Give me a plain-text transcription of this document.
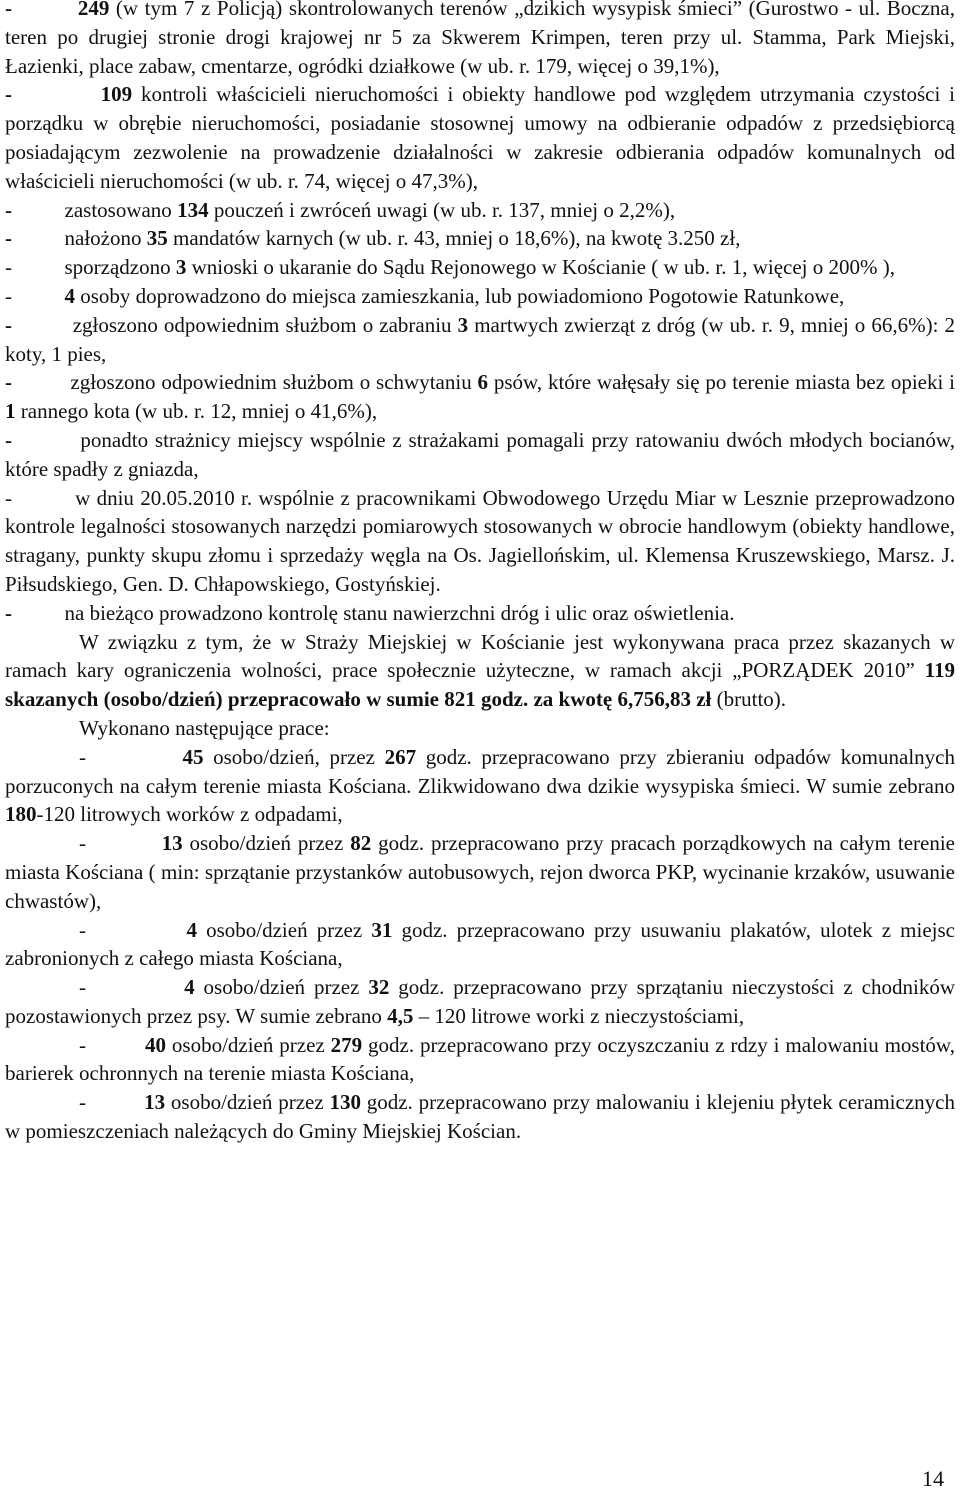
-          249 (w tym 7 z Policją) skontrolowanych terenów „dzikich wysypisk śmieci” (Gurostwo - ul. Boczna, teren po drugiej stronie drogi krajowej nr 5 za Skwerem Krimpen, teren przy ul. Stamma, Park Miejski, Łazienki, place zabaw, cmentarze, ogródki działkowe (w ub. r. 179, więcej o 39,1%),

-          109 kontroli właścicieli nieruchomości i obiekty handlowe pod względem utrzymania czystości i porządku w obrębie nieruchomości, posiadanie stosownej umowy na odbieranie odpadów z przedsiębiorcą posiadającym zezwolenie na prowadzenie działalności w zakresie odbierania odpadów komunalnych od właścicieli nieruchomości (w ub. r. 74, więcej o 47,3%),

-          zastosowano 134 pouczeń i zwróceń uwagi (w ub. r. 137, mniej o 2,2%),

-          nałożono 35 mandatów karnych (w ub. r. 43, mniej o 18,6%), na kwotę 3.250 zł,

-          sporządzono 3 wnioski o ukaranie do Sądu Rejonowego w Kościanie ( w ub. r. 1, więcej o 200% ),

-          4 osoby doprowadzono do miejsca zamieszkania, lub powiadomiono Pogotowie Ratunkowe,

-          zgłoszono odpowiednim służbom o zabraniu 3 martwych zwierząt z dróg (w ub. r. 9, mniej o 66,6%): 2 koty, 1 pies,

-          zgłoszono odpowiednim służbom o schwytaniu 6 psów, które wałęsały się po terenie miasta bez opieki i 1 rannego kota (w ub. r. 12, mniej o 41,6%),

-          ponadto strażnicy miejscy wspólnie z strażakami pomagali przy ratowaniu dwóch młodych bocianów, które spadły z gniazda,

-          w dniu 20.05.2010 r. wspólnie z pracownikami Obwodowego Urzędu Miar w Lesznie przeprowadzono kontrole legalności stosowanych narzędzi pomiarowych stosowanych w obrocie handlowym (obiekty handlowe, stragany, punkty skupu złomu i sprzedaży węgla na Os. Jagiellońskim, ul. Klemensa Kruszewskiego, Marsz. J. Piłsudskiego, Gen. D. Chłapowskiego, Gostyńskiej.

-          na bieżąco prowadzono kontrolę stanu nawierzchni dróg i ulic oraz oświetlenia.

W związku z tym, że w Straży Miejskiej w Kościanie jest wykonywana praca przez skazanych w ramach kary ograniczenia wolności, prace społecznie użyteczne, w ramach akcji „PORZĄDEK 2010” 119 skazanych (osobo/dzień) przepracowało w sumie 821 godz. za kwotę 6,756,83 zł (brutto).

Wykonano następujące prace:

-          45 osobo/dzień, przez 267 godz. przepracowano przy zbieraniu odpadów komunalnych porzuconych na całym terenie miasta Kościana. Zlikwidowano dwa dzikie wysypiska śmieci. W sumie zebrano 180-120 litrowych worków z odpadami,

-           13 osobo/dzień przez 82 godz. przepracowano przy pracach porządkowych na całym terenie miasta Kościana ( min: sprzątanie przystanków autobusowych, rejon dworca PKP, wycinanie krzaków, usuwanie chwastów),

-           4 osobo/dzień przez 31 godz. przepracowano przy usuwaniu plakatów, ulotek z miejsc zabronionych z całego miasta Kościana,

-           4 osobo/dzień przez 32 godz. przepracowano przy sprzątaniu nieczystości z chodników pozostawionych przez psy. W sumie zebrano 4,5 – 120 litrowe worki z nieczystościami,

-          40 osobo/dzień przez 279 godz. przepracowano przy oczyszczaniu z rdzy i malowaniu mostów, barierek ochronnych na terenie miasta Kościana,

-          13 osobo/dzień przez 130 godz. przepracowano przy malowaniu i klejeniu płytek ceramicznych w pomieszczeniach należących do Gminy Miejskiej Kościan.

14
